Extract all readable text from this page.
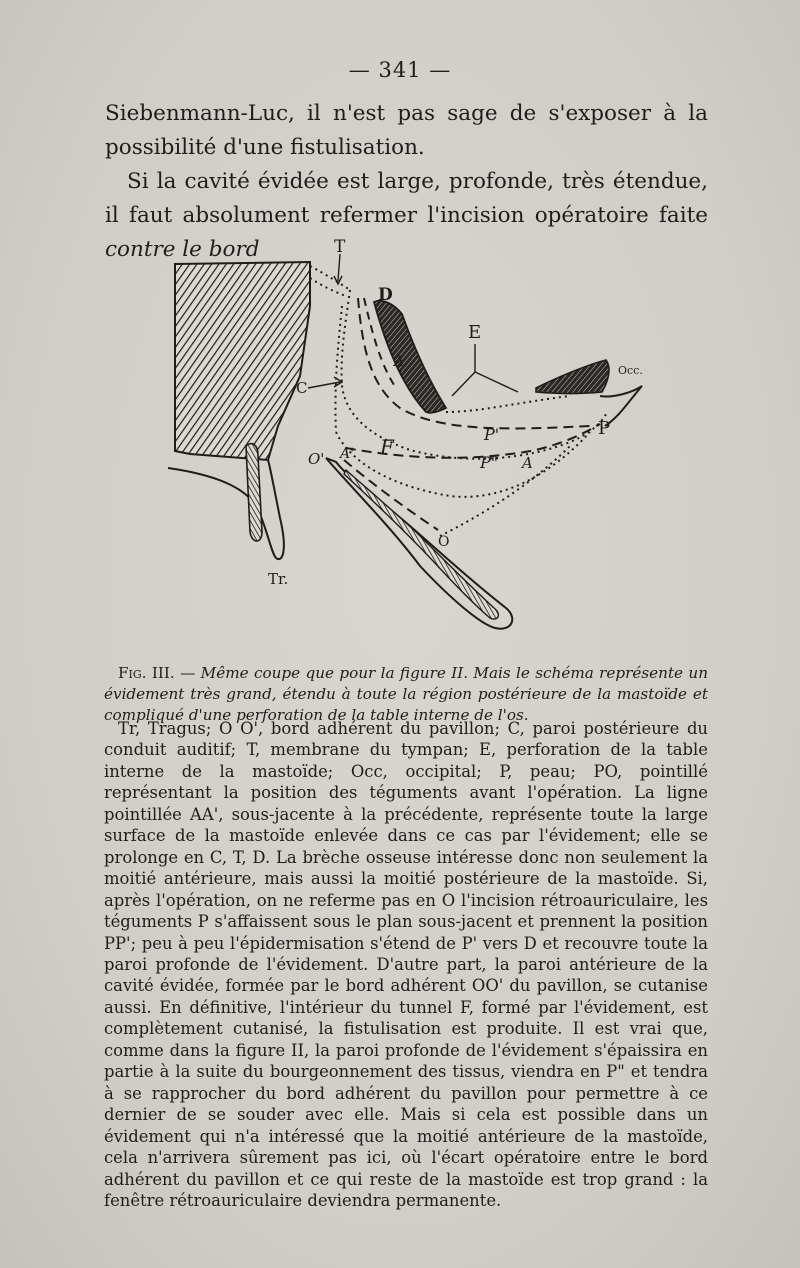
— 341 —

Siebenmann-Luc, il n'est pas sage de s'exposer à la possibilité d'une fistulisation.

Si la cavité évidée est large, profonde, très étendue, il faut absolument refermer l'incision opératoire faite contre le bord	T
D
E
Occ.
C
A
P'	P
O' A' F
P" A
O
Tr.

Fig. III. — Même coupe que pour la figure II. Mais le schéma représente un évidement très grand, étendu à toute la région postérieure de la mastoïde et compliqué d'une perforation de la table interne de l'os.

Tr, Tragus; O O', bord adhérent du pavillon; C, paroi postérieure du conduit auditif; T, membrane du tympan; E, perforation de la table interne de la mastoïde; Occ, occipital; P, peau; PO, pointillé représentant la position des téguments avant l'opération. La ligne pointillée AA', sous-jacente à la précédente, représente toute la large surface de la mastoïde enlevée dans ce cas par l'évidement; elle se prolonge en C, T, D. La brèche osseuse intéresse donc non seulement la moitié antérieure, mais aussi la moitié postérieure de la mastoïde. Si, après l'opération, on ne referme pas en O l'incision rétroauriculaire, les téguments P s'affaissent sous le plan sous-jacent et prennent la position PP'; peu à peu l'épidermisation s'étend de P' vers D et recouvre toute la paroi profonde de l'évidement. D'autre part, la paroi antérieure de la cavité évidée, formée par le bord adhérent OO' du pavillon, se cutanise aussi. En définitive, l'intérieur du tunnel F, formé par l'évidement, est complètement cutanisé, la fistulisation est produite. Il est vrai que, comme dans la figure II, la paroi profonde de l'évidement s'épaissira en partie à la suite du bourgeonnement des tissus, viendra en P" et tendra à se rapprocher du bord adhérent du pavillon pour permettre à ce dernier de se souder avec elle. Mais si cela est possible dans un évidement qui n'a intéressé que la moitié antérieure de la mastoïde, cela n'arrivera sûrement pas ici, où l'écart opératoire entre le bord adhérent du pavillon et ce qui reste de la mastoïde est trop grand : la fenêtre rétroauriculaire deviendra permanente.
